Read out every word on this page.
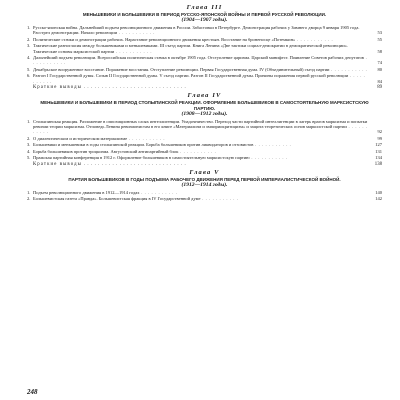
Глава III
МЕНЬШЕВИКИ И БОЛЬШЕВИКИ В ПЕРИОД РУССКО-ЯПОНСКОЙ ВОЙНЫ И ПЕРВОЙ РУССКОЙ РЕВОЛЮЦИИ.
(1904—1907 годы).
1. Русско-японская война. Дальнейший подъем революционного движения в России. Забастовки в Петербурге. Демонстрация рабочих у Зимнего дворца 9 января 1905 года. Расстрел демонстрации. Начало революции . . . . . . . . . . .	53
2. Политические стачки и демонстрации рабочих. Нарастание революционного движения крестьян. Восстание на броненосце «Потемкин» . . . . . . . . . . .	55
3. Тактические разногласия между большевиками и меньшевиками. III съезд партии. Книга Ленина «Две тактики социал-демократии в демократической революции». Тактические основы марксистской партии . . . . . . . . . . .	58
4. Дальнейший подъем революции. Всероссийская политическая стачка в октябре 1905 года. Отступление царизма. Царский манифест. Появление Советов рабочих депутатов . . . . . . . . . . .	74
5. Декабрьское вооруженное восстание. Поражение восстания. Отступление революции. Первая Государственная дума. IV (Объединительный) съезд партии . . . . . . . . . . .	80
6. Разгон I Государственной думы. Созыв II Государственной думы. V съезд партии. Разгон II Государственной думы. Причины поражения первой русской революции . . . . . . . . . . .	84
Краткие выводы . . . . . . . . . . . . . . . . . . . . . . . . . . . . .	89
Глава IV
МЕНЬШЕВИКИ И БОЛЬШЕВИКИ В ПЕРИОД СТОЛЫПИНСКОЙ РЕАКЦИИ. ОФОРМЛЕНИЕ БОЛЬШЕВИКОВ В САМОСТОЯТЕЛЬНУЮ МАРКСИСТСКУЮ ПАРТИЮ.
(1908—1912 годы).
1. Столыпинская реакция. Разложение в оппозиционных слоях интеллигенции. Упадочничество. Переход части партийной интеллигенции в лагерь врагов марксизма и попытки ревизии теории марксизма. Отповедь Ленина ревизионистам в его книге «Материализм и эмпириокритицизм» и защита теоретических основ марксистской партии . . . . . . . . . . .	92
2. О диалектическом и историческом материализме . . . . . . . . . . .	99
3. Большевики и меньшевики в годы столыпинской реакции. Борьба большевиков против ликвидаторов и отзовистов . . . . . . . . . . .	127
4. Борьба большевиков против троцкизма. Августовский антипартийный блок . . . . . . . . . . .	131
5. Пражская партийная конференция в 1912 г. Оформление большевиков в самостоятельную марксистскую партию . . . . . . . . . . .	134
Краткие выводы . . . . . . . . . . . . . . . . . . . . . . . . . . . . .	138
Глава V
ПАРТИЯ БОЛЬШЕВИКОВ В ГОДЫ ПОДЪЕМА РАБОЧЕГО ДВИЖЕНИЯ ПЕРЕД ПЕРВОЙ ИМПЕРИАЛИСТИЧЕСКОЙ ВОЙНОЙ.
(1912—1914 годы).
1. Подъем революционного движения в 1912—1914 годах . . . . . . . . . . .	140
2. Большевистская газета «Правда». Большевистская фракция в IV Государственной думе . . . . . . . . . . .	142
248
